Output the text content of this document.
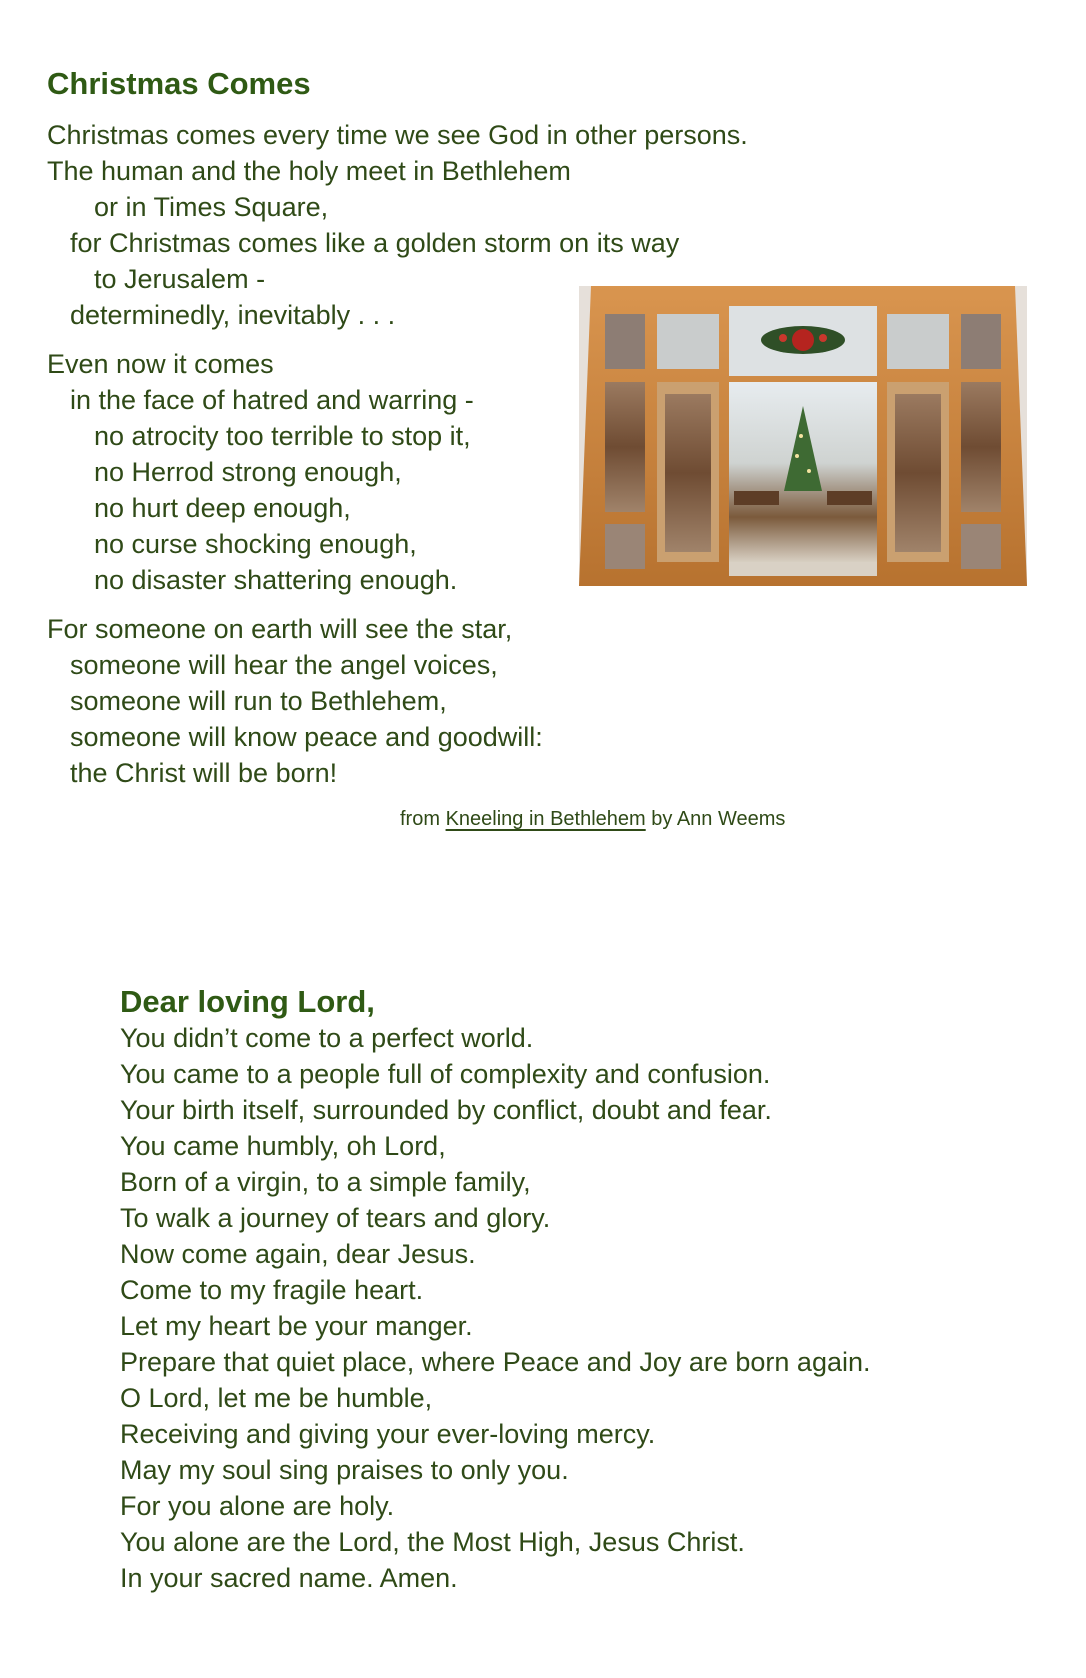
Christmas Comes
Christmas comes every time we see God in other persons.
The human and the holy meet in Bethlehem
or in Times Square,
for Christmas comes like a golden storm on its way
to Jerusalem -
determinedly, inevitably . . .
Even now it comes
in the face of hatred and warring -
no atrocity too terrible to stop it,
no Herrod strong enough,
no hurt deep enough,
no curse shocking enough,
no disaster shattering enough.
For someone on earth will see the star,
someone will hear the angel voices,
someone will run to Bethlehem,
someone will know peace and goodwill:
the Christ will be born!
from Kneeling in Bethlehem by Ann Weems
Dear loving Lord,
You didn’t come to a perfect world.
You came to a people full of complexity and confusion.
Your birth itself, surrounded by conflict, doubt and fear.
You came humbly, oh Lord,
Born of a virgin, to a simple family,
To walk a journey of tears and glory.
Now come again, dear Jesus.
Come to my fragile heart.
Let my heart be your manger.
Prepare that quiet place, where Peace and Joy are born again.
O Lord, let me be humble,
Receiving and giving your ever-loving mercy.
May my soul sing praises to only you.
For you alone are holy.
You alone are the Lord, the Most High, Jesus Christ.
In your sacred name. Amen.
